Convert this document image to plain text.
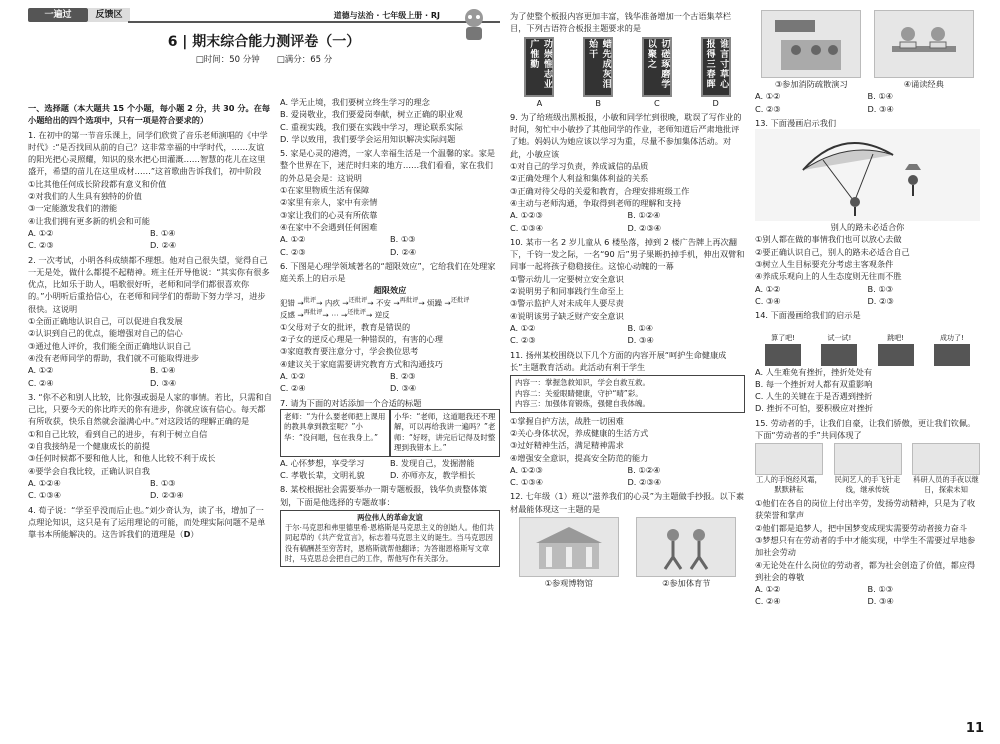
一遍过	反馈区	道德与法治 · 七年级上册 · RJ
6 | 期末综合能力测评卷（一）
□时间：50 分钟　　□满分：65 分

一、选择题（本大题共 15 个小题，每小题 2 分，共 30 分。在每小题给出的四个选项中，只有一项是符合要求的）

1. 在初中的第一节音乐课上，同学们欣赏了音乐老师演唱的《中学时代》:“是否找回从前的自己？这非常幸福的中学时代，……友谊的阳光把心灵照耀，知识的泉水把心田灌溉……智慧的花儿在这里盛开，希望的苗儿在这里成材……”这首歌曲告诉我们，初中阶段

①比其他任何成长阶段都有意义和价值

②对我们的人生具有独特的价值

③一定能激发我们的潜能

④让我们拥有更多新的机会和可能

A. ①②	B. ①④
C. ②③	D. ②④

2. 一次考试，小明各科成绩都不理想。他对自己很失望，觉得自己一无是处，做什么都提不起精神。班主任开导他说：“其实你有很多优点，比如乐于助人，唱歌很好听，老师和同学们都很喜欢你的。”小明听后重拾信心，在老师和同学们的帮助下努力学习，进步很快。这说明

①全面正确地认识自己，可以促进自我发展

②认识到自己的优点，能增强对自己的信心

③通过他人评价，我们能全面正确地认识自己

④没有老师同学的帮助，我们就不可能取得进步

A. ①②	B. ①④
C. ②④	D. ③④

3. “你不必和别人比较，比你强或弱是人家的事情。若比，只需和自己比，只要今天的你比昨天的你有进步，你就应该有信心。每天都有所收获，快乐自然就会溢满心中。”对这段话的理解正确的是

①和自己比较，看到自己的进步，有利于树立自信

②自我接纳是一个健康成长的前提

③任何时候都不要和他人比，和他人比较不利于成长

④要学会自我比较，正确认识自我

A. ①②④	B. ①③
C. ①③④	D. ②③④

4. 荀子说：“学至乎没而后止也。”刘少奇认为，读了书，增加了一点理论知识，这只是有了运用理论的可能，而处理实际问题不是单靠书本所能解决的。这告诉我们的道理是（D）

A. 学无止境，我们要树立终生学习的理念

B. 爱岗敬业，我们要爱岗奉献，树立正确的职业观

C. 重视实践，我们要在实践中学习，理论联系实际

D. 学以致用，我们要学会运用知识解决实际问题

5. 家是心灵的港湾，一家人幸福生活是一个温馨的家。家是整个世界在下，迷茫时归来的地方……我们看看，家在我们的外总是会是：这说明

①在家里物质生活有保障

②家里有亲人，家中有亲情

③家让我们的心灵有所依靠

④在家中不会遇到任何困难

A. ①②	B. ①③
C. ②③	D. ②④

6. 下图是心理学领域著名的“超限效应”，它给我们在处理家庭关系上的启示是

超限效应

犯错 →$^{批评}$→ 内疚 →$^{还批评}$→ 不安 →$^{再批评}$→ 烦躁 →$^{还批评}$
反感 →$^{再批评}$→ ⋯ →$^{还批评}$→ 逆反

①父母对子女的批评，教育是错误的

②子女的逆反心理是一种错误的，有害的心理

③家庭教育要注意分寸，学会换位思考

④建议关于家庭需要讲究教育方式和沟通技巧

A. ①②	B. ②③
C. ②④	D. ③④

7. 请为下面的对话添加一个合适的标题

老师：“为什么要老师把上课用的教具拿到教室呢？”小华：“没问题，包在我身上。”
小华：“老师，这道题我还不理解，可以再给我讲一遍吗？”老师：“好呀，讲完后记得及时整理到我错本上。”
A. 心怀梦想，享受学习	B. 发现自己，发掘潜能
C. 孝敬长辈，文明礼貌	D. 亦师亦友，教学相长

8. 某校根据社会需要举办一期专题板报，钱华负责整体策划，下面是他选择的专题故事：

两位伟人的革命友谊

于尔·马克思和弗里德里希·恩格斯是马克思主义的创始人。他们共同起草的《共产党宣言》，标志着马克思主义的诞生。当马克思因没有稿酬甚至穷苦时，恩格斯就帮他翻译；为答谢恩格斯写文章时，马克思总会把自己的工作，帮他写作有关部分。

为了使整个板报内容更加丰富，钱华准备增加一个古语集萃栏目，下列古语符合板报主题要求的是

功崇惟志业广惟勤
A
蜡先成灰泪始干
B
切磋琢磨学以聚之
C
谁言寸草心报得三春晖
D

9. 为了给班级出黑板报，小敏和同学忙到很晚，耽误了写作业的时间，匆忙中小敏抄了其他同学的作业，老师知道后严肃地批评了她。妈妈认为她应该以学习为重，尽量不参加集体活动。对此，小敏应该

①对自己的学习负责，养成诚信的品质

②正确处理个人利益和集体利益的关系

③正确对待父母的关爱和教育，合理安排班级工作

④主动与老师沟通，争取得到老师的理解和支持

A. ①②③	B. ①②④
C. ①③④	D. ②③④

10. 某市一名 2 岁儿童从 6 楼坠落，掉到 2 楼广告牌上再次翻下，千钧一发之际，一名“90 后”男子果断扔掉手机，伸出双臂和同事一起将孩子稳稳接住。这惊心动魄的一幕

①警示幼儿一定要树立安全意识

②说明男子和同事践行生命至上

③警示监护人对未成年人要尽责

④说明该男子缺乏财产安全意识

A. ①②	B. ①④
C. ②③	D. ③④

11. 扬州某校围绕以下几个方面的内容开展“呵护生命健康成长”主题教育活动。此活动有利于学生

内容一：掌握急救知识，学会自救互救。

内容二：关爱眼睛健康，守护“晴”彩。

内容三：加强体育锻炼，强健自我体魄。

①掌握自护方法，战胜一切困难

②关心身体状况，养成健康的生活方式

③过好精神生活，满足精神需求

④增强安全意识，提高安全防范的能力

A. ①②③	B. ①②④
C. ①③④	D. ②③④

12. 七年级（1）班以“滋养我们的心灵”为主题做手抄报。以下素材最能体现这一主题的是

①参观博物馆	②参加体育节

③参加消防疏散演习	④诵读经典

A. ①②	B. ①④
C. ②③	D. ③④

13. 下面漫画启示我们

别人的路未必适合你

①别人都在做的事情我们也可以放心去做

②要正确认识自己，别人的路未必适合自己

③树立人生目标要充分考虑主客观条件

④养成乐观向上的人生态度则无往而不胜

A. ①②	B. ①③
C. ③④	D. ②③

14. 下面漫画给我们的启示是

算了吧!	试一试!	跳吧!	成功了!

A. 人生难免有挫折，挫折处处有

B. 每一个挫折对人都有双重影响

C. 人生的关键在于是否遇到挫折

D. 挫折不可怕，要积极应对挫折

15. 劳动者的手，让我们自豪，让我们骄傲，更让我们钦佩。下面“劳动者的手”共同体现了

工人的手饱经风霜，默默耕耘

民间艺人的手飞针走线，继承传统

科研人员的手夜以继日，探索未知

①他们在各自的岗位上付出辛劳，发扬劳动精神，只是为了收获荣誉和掌声

②他们都是追梦人，把中国梦变成现实需要劳动者接力奋斗

③梦想只有在劳动者的手中才能实现，中学生不需要过早地参加社会劳动

④无论处在什么岗位的劳动者，都为社会创造了价值，都应得到社会的尊敬

A. ①②	B. ①③
C. ②④	D. ③④
11
